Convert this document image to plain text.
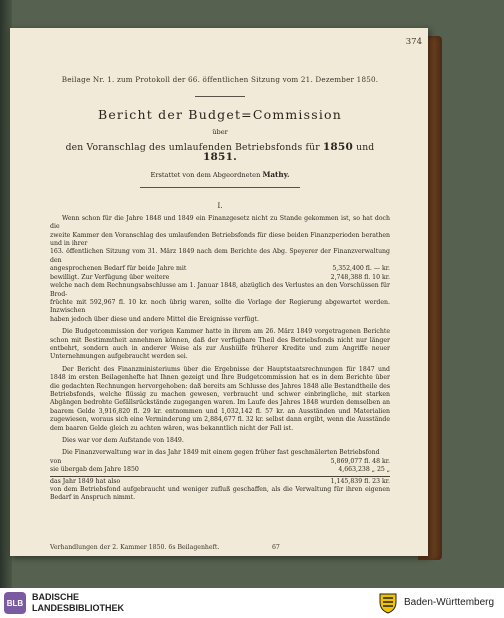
374
Beilage Nr. 1. zum Protokoll der 66. öffentlichen Sitzung vom 21. Dezember 1850.
Bericht der Budget=Commission
über
den Voranschlag des umlaufenden Betriebsfonds für 1850 und 1851.
Erstattet von dem Abgeordneten Mathy.
I.

Wenn schon für die Jahre 1848 und 1849 ein Finanzgesetz nicht zu Stande gekommen ist, so hat doch die

zweite Kammer den Voranschlag des umlaufenden Betriebsfonds für diese beiden Finanzperioden berathen und in ihrer

163. öffentlichen Sitzung vom 31. März 1849 nach dem Berichte des Abg. Speyerer der Finanzverwaltung den

angesprochenen Bedarf für beide Jahre mit	5,352,400 fl. — kr.
bewilligt. Zur Verfügung über weitere	2,748,388 fl. 10 kr.

welche nach dem Rechnungsabschlusse am 1. Januar 1848, abzüglich des Verlustes an den Vorschüssen für Brod-

früchte mit 592,967 fl. 10 kr. noch übrig waren, sollte die Vorlage der Regierung abgewartet werden. Inzwischen

haben jedoch über diese und andere Mittel die Ereignisse verfügt.

Die Budgetcommission der vorigen Kammer hatte in ihrem am 26. März 1849 vorgetragenen Berichte schon mit Bestimmtheit annehmen können, daß der verfügbare Theil des Betriebsfonds nicht nur länger entbehrt, sondern auch in anderer Weise als zur Aushülfe früherer Kredite und zum Angriffe neuer Unternehmungen aufgebraucht werden sei.

Der Bericht des Finanzministeriums über die Ergebnisse der Hauptstaatsrechnungen für 1847 und 1848 im ersten Beilagenhefte hat Ihnen gezeigt und Ihre Budgetcommission hat es in dem Berichte über die gedachten Rechnungen hervorgehoben: daß bereits am Schlusse des Jahres 1848 alle Bestandtheile des Betriebsfonds, welche flüssig zu machen gewesen, verbraucht und schwer einbringliche, mit starken Abgängen bedrohte Gefällsrückstände zugegangen waren. Im Laufe des Jahres 1848 wurden demselben an baarem Gelde 3,916,820 fl. 29 kr. entnommen und 1,032,142 fl. 57 kr. an Ausständen und Materialien zugewiesen, woraus sich eine Verminderung um 2,884,677 fl. 32 kr. selbst dann ergibt, wenn die Ausstände dem baaren Gelde gleich zu achten wären, was bekanntlich nicht der Fall ist.

Dies war vor dem Aufstande von 1849.

Die Finanzverwaltung war in das Jahr 1849 mit einem gegen früher fast geschmälerten Betriebsfond

von	5,869,077 fl. 48 kr.
sie übergab dem Jahre 1850	4,663,238 „ 25 „
das Jahr 1849 hat also	1,145,839 fl. 23 kr.

von dem Betriebsfond aufgebraucht und weniger zufluß geschaffen, als die Verwaltung für ihren eigenen Bedarf in Anspruch nimmt.

Verhandlungen der 2. Kammer 1850. 6s Beilagenheft.	67
BLB
BADISCHE
LANDESBIBLIOTHEK	Baden-Württemberg
